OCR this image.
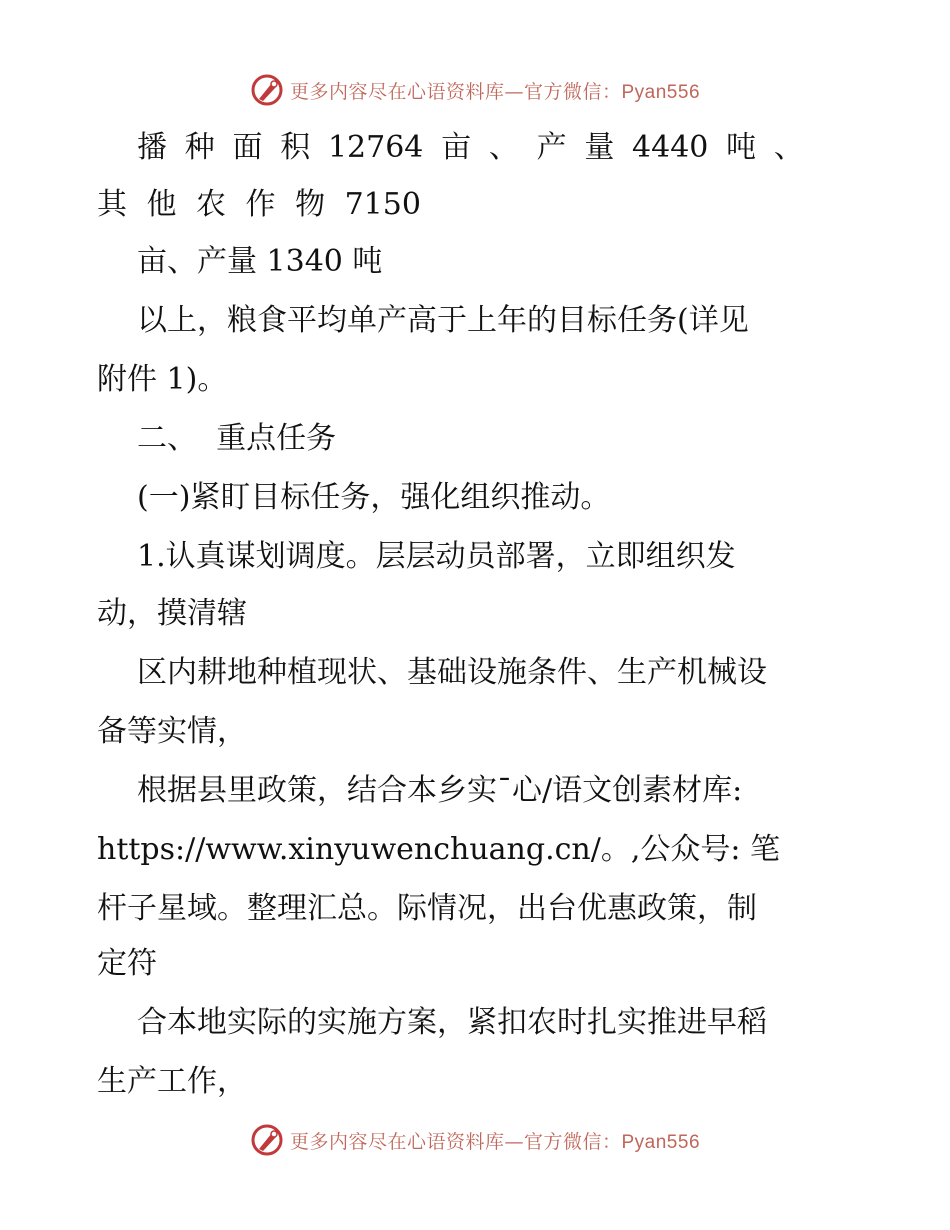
更多内容尽在心语资料库—官方微信：Pyan556
播 种 面 积 12764 亩 、 产 量 4440 吨 、
其 他 农 作 物 7150
亩、产量 1340 吨
以上，粮食平均单产高于上年的目标任务(详见
附件 1)。
二、  重点任务
(一)紧盯目标任务，强化组织推动。
1.认真谋划调度。层层动员部署，立即组织发
动，摸清辖
区内耕地种植现状、基础设施条件、生产机械设
备等实情，
根据县里政策，结合本乡实¯心/语文创素材库:
https://www.xinyuwenchuang.cn/。,公众号: 笔
杆子星域。整理汇总。际情况，出台优惠政策，制
定符
合本地实际的实施方案，紧扣农时扎实推进早稻
生产工作，
更多内容尽在心语资料库—官方微信：Pyan556
